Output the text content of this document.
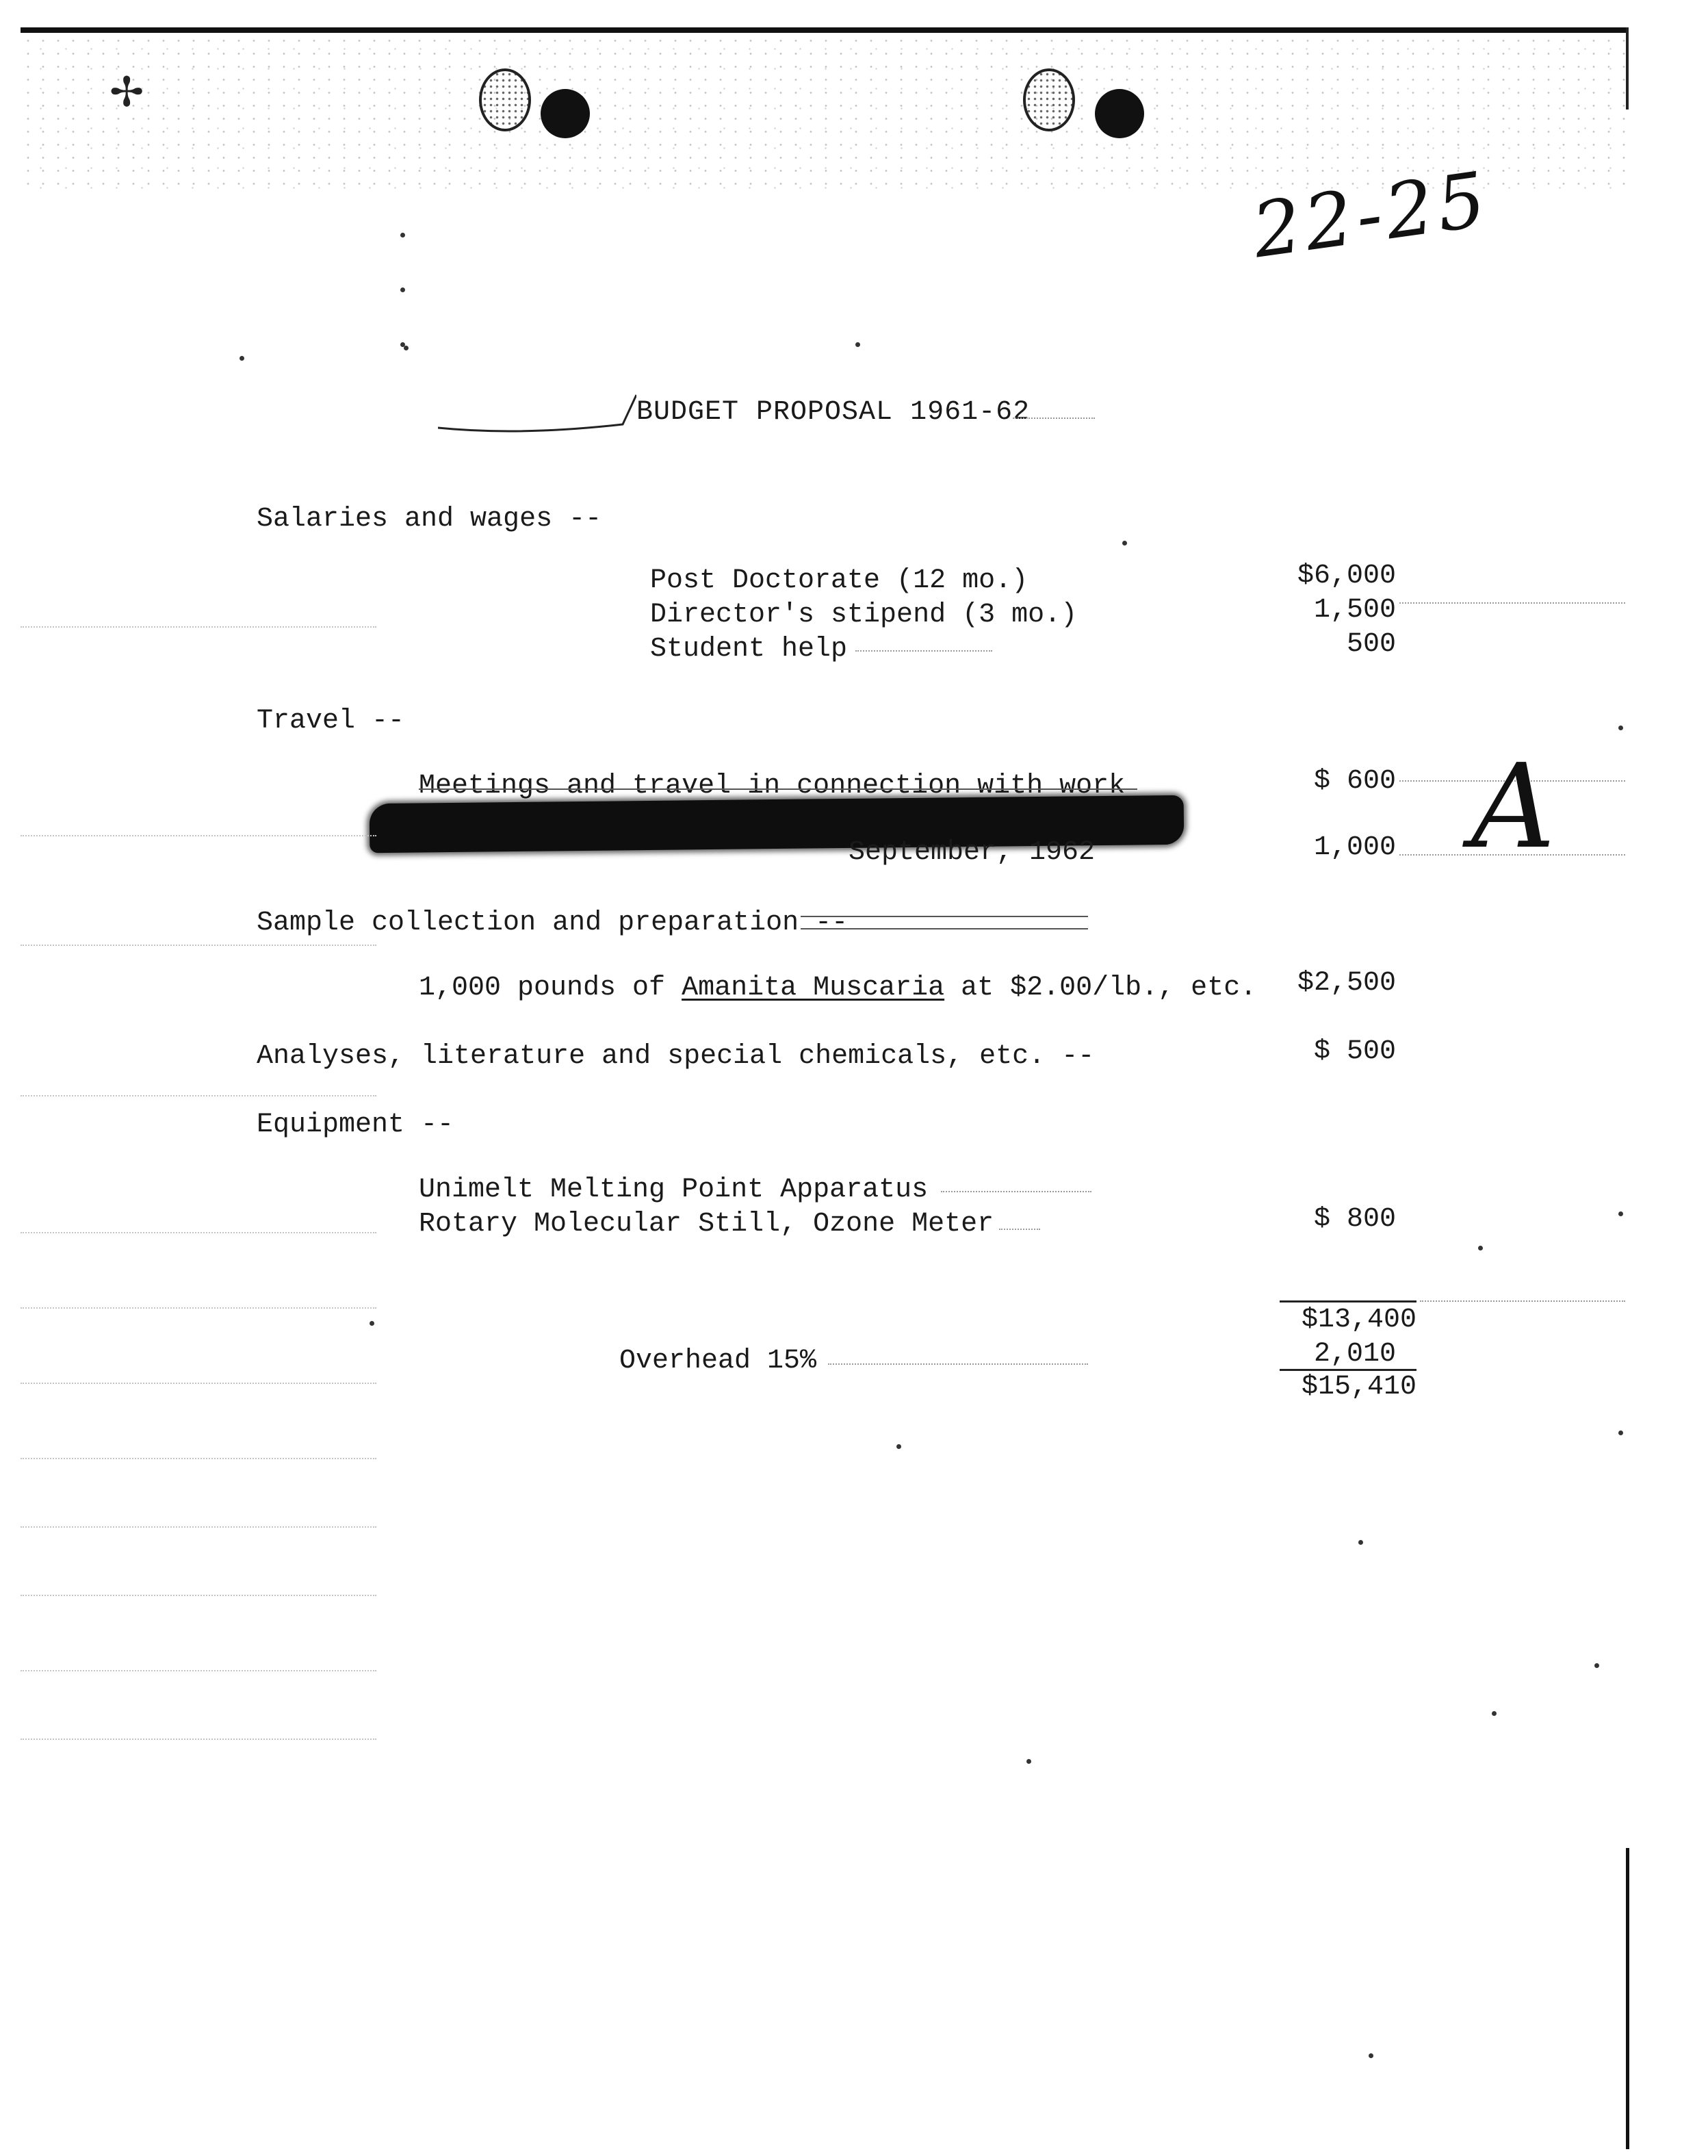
✢
22-25
BUDGET PROPOSAL 1961-62
Salaries and wages --
Post Doctorate (12 mo.)	$6,000
Director's stipend (3 mo.)	1,500
Student help	500
Travel --
Meetings and travel in connection with work	$ 600
September, 1962	1,000 A
Sample collection and preparation --
1,000 pounds of Amanita Muscaria at $2.00/lb., etc.	$2,500
Analyses, literature and special chemicals, etc. --	$ 500
Equipment --
Unimelt Melting Point Apparatus
Rotary Molecular Still, Ozone Meter	$ 800
$13,400
Overhead 15%	2,010
$15,410
